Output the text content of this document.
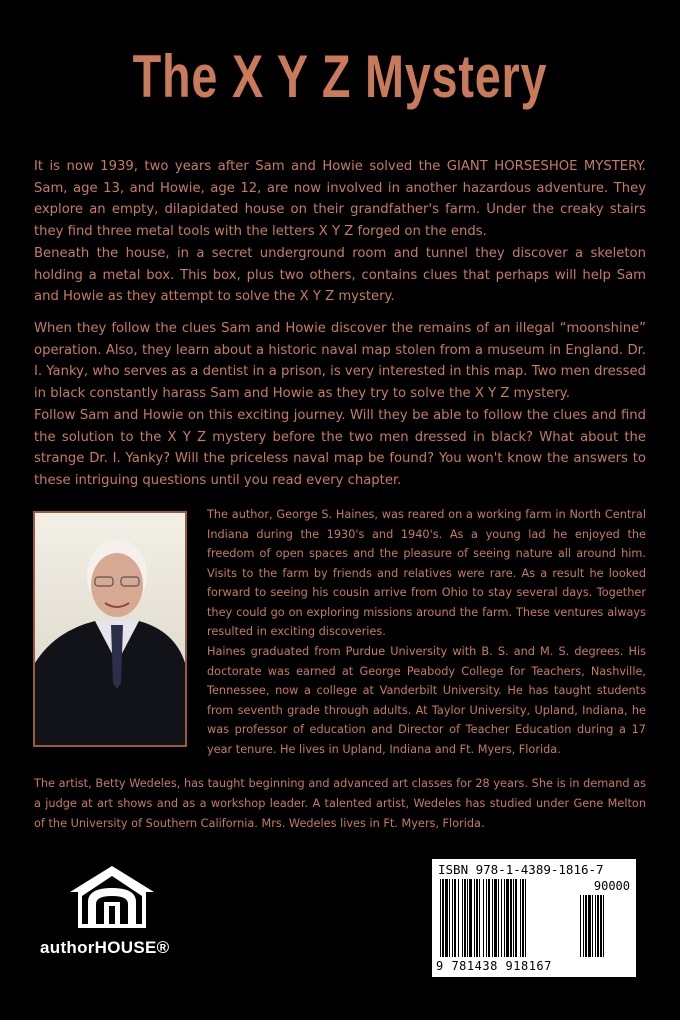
The X Y Z Mystery

It is now 1939, two years after Sam and Howie solved the GIANT HORSESHOE MYSTERY. Sam, age 13, and Howie, age 12, are now involved in another hazardous adventure. They explore an empty, dilapidated house on their grandfather's farm. Under the creaky stairs they find three metal tools with the letters X Y Z forged on the ends.

Beneath the house, in a secret underground room and tunnel they discover a skeleton holding a metal box. This box, plus two others, contains clues that perhaps will help Sam and Howie as they attempt to solve the X Y Z mystery.

When they follow the clues Sam and Howie discover the remains of an illegal “moonshine” operation. Also, they learn about a historic naval map stolen from a museum in England. Dr. I. Yanky, who serves as a dentist in a prison, is very interested in this map. Two men dressed in black constantly harass Sam and Howie as they try to solve the X Y Z mystery.

Follow Sam and Howie on this exciting journey. Will they be able to follow the clues and find the solution to the X Y Z mystery before the two men dressed in black? What about the strange Dr. I. Yanky? Will the priceless naval map be found? You won't know the answers to these intriguing questions until you read every chapter.

The author, George S. Haines, was reared on a working farm in North Central Indiana during the 1930's and 1940's. As a young lad he enjoyed the freedom of open spaces and the pleasure of seeing nature all around him. Visits to the farm by friends and relatives were rare. As a result he looked forward to seeing his cousin arrive from Ohio to stay several days. Together they could go on exploring missions around the farm. These ventures always resulted in exciting discoveries.

Haines graduated from Purdue University with B. S. and M. S. degrees. His doctorate was earned at George Peabody College for Teachers, Nashville, Tennessee, now a college at Vanderbilt University. He has taught students from seventh grade through adults. At Taylor University, Upland, Indiana, he was professor of education and Director of Teacher Education during a 17 year tenure. He lives in Upland, Indiana and Ft. Myers, Florida.

The artist, Betty Wedeles, has taught beginning and advanced art classes for 28 years. She is in demand as a judge at art shows and as a workshop leader. A talented artist, Wedeles has studied under Gene Melton of the University of Southern California. Mrs. Wedeles lives in Ft. Myers, Florida.

authorHOUSE®
ISBN 978-1-4389-1816-7
90000
9 781438 918167
